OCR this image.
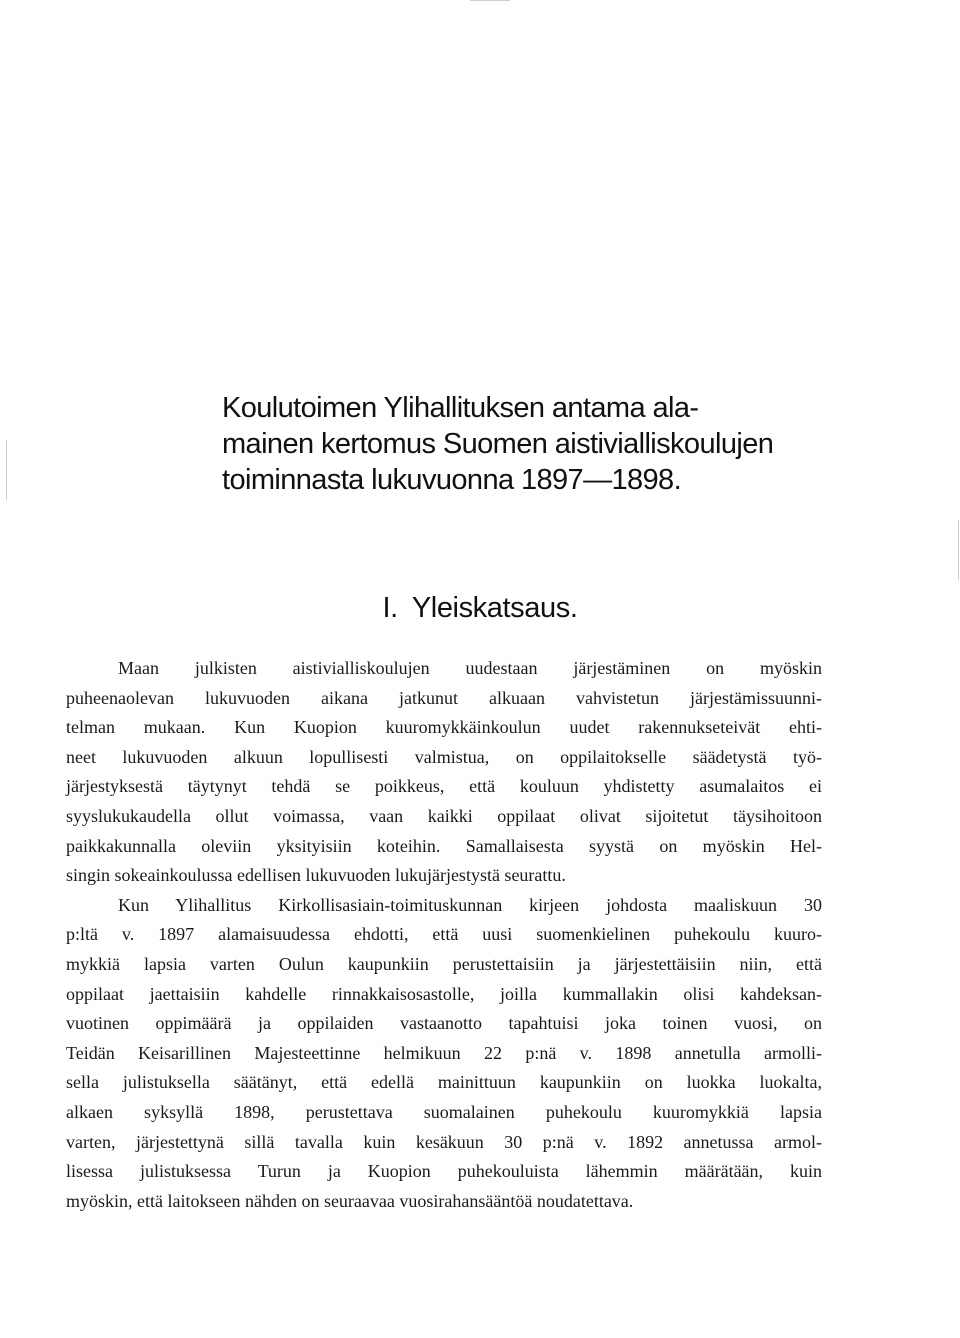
Koulutoimen Ylihallituksen antama ala-
mainen kertomus Suomen aistivialliskoulujen
toiminnasta lukuvuonna 1897—1898.
I. Yleiskatsaus.
Maan julkisten aistivialliskoulujen uudestaan järjestäminen on myöskin
puheenaolevan lukuvuoden aikana jatkunut alkuaan vahvistetun järjestämissuunni-
telman mukaan. Kun Kuopion kuuromykkäinkoulun uudet rakennukseteivät ehti-
neet lukuvuoden alkuun lopullisesti valmistua, on oppilaitokselle säädetystä työ-
järjestyksestä täytynyt tehdä se poikkeus, että kouluun yhdistetty asumalaitos ei
syyslukukaudella ollut voimassa, vaan kaikki oppilaat olivat sijoitetut täysihoitoon
paikkakunnalla oleviin yksityisiin koteihin. Samallaisesta syystä on myöskin Hel-
singin sokeainkoulussa edellisen lukuvuoden lukujärjestystä seurattu.
Kun Ylihallitus Kirkollisasiain-toimituskunnan kirjeen johdosta maaliskuun 30
p:ltä v. 1897 alamaisuudessa ehdotti, että uusi suomenkielinen puhekoulu kuuro-
mykkiä lapsia varten Oulun kaupunkiin perustettaisiin ja järjestettäisiin niin, että
oppilaat jaettaisiin kahdelle rinnakkaisosastolle, joilla kummallakin olisi kahdeksan-
vuotinen oppimäärä ja oppilaiden vastaanotto tapahtuisi joka toinen vuosi, on
Teidän Keisarillinen Majesteettinne helmikuun 22 p:nä v. 1898 annetulla armolli-
sella julistuksella säätänyt, että edellä mainittuun kaupunkiin on luokka luokalta,
alkaen syksyllä 1898, perustettava suomalainen puhekoulu kuuromykkiä lapsia
varten, järjestettynä sillä tavalla kuin kesäkuun 30 p:nä v. 1892 annetussa armol-
lisessa julistuksessa Turun ja Kuopion puhekouluista lähemmin määrätään, kuin
myöskin, että laitokseen nähden on seuraavaa vuosirahansääntöä noudatettava.
